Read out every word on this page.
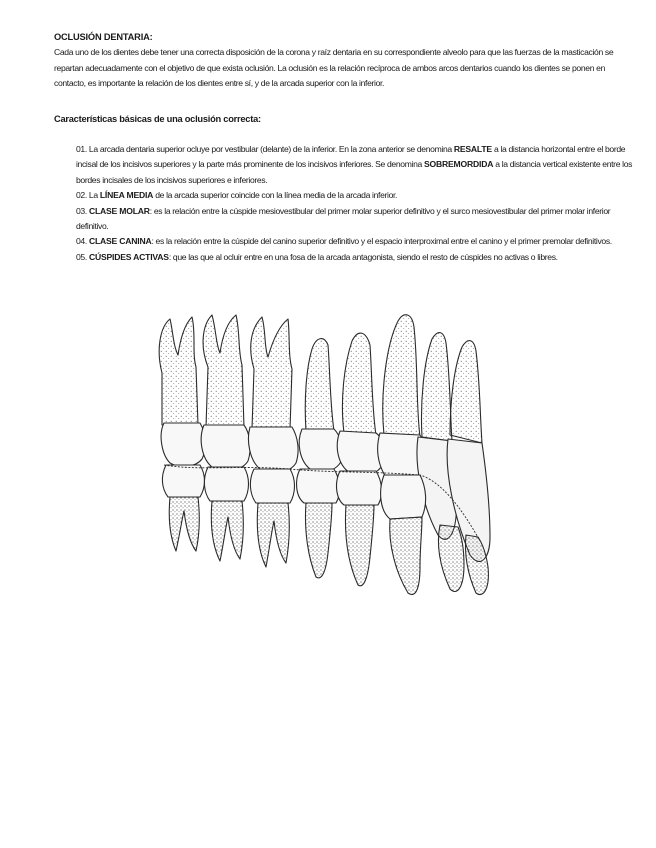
OCLUSIÓN DENTARIA:
Cada uno de los dientes debe tener una correcta disposición de la corona y raíz dentaria en su correspondiente alveolo para que las fuerzas de la masticación se repartan adecuadamente con el objetivo de que exista oclusión. La oclusión es la relación recíproca de ambos arcos dentarios cuando los dientes se ponen en contacto, es importante la relación de los dientes entre sí, y de la arcada superior con la inferior.
Características básicas de una oclusión correcta:
01. La arcada dentaria superior ocluye por vestibular (delante) de la inferior. En la zona anterior se denomina RESALTE a la distancia horizontal entre el borde incisal de los incisivos superiores y la parte más prominente de los incisivos inferiores. Se denomina SOBREMORDIDA a la distancia vertical existente entre los bordes incisales de los incisivos superiores e inferiores.
02. La LÍNEA MEDIA de la arcada superior coincide con la línea media de la arcada inferior.
03. CLASE MOLAR: es la relación entre la cúspide mesiovestibular del primer molar superior definitivo y el surco mesiovestibular del primer molar inferior definitivo.
04. CLASE CANINA: es la relación entre la cúspide del canino superior definitivo y el espacio interproximal entre el canino y el primer premolar definitivos.
05. CÚSPIDES ACTIVAS: que las que al ocluir entre en una fosa de la arcada antagonista, siendo el resto de cúspides no activas o libres.
